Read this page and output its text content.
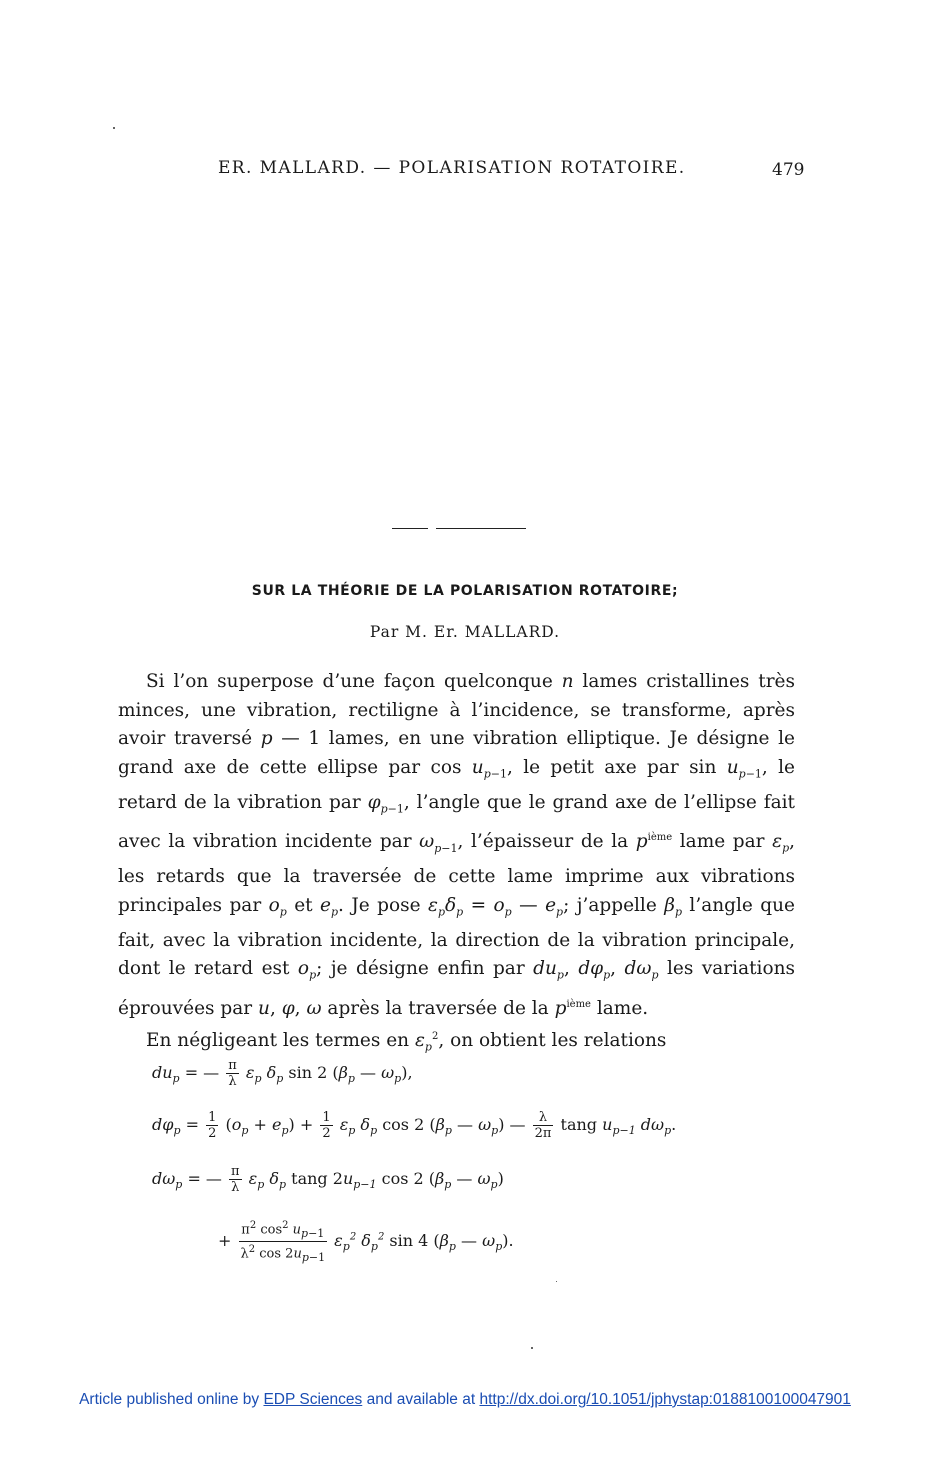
ER. MALLARD. — POLARISATION ROTATOIRE.	479
SUR LA THÉORIE DE LA POLARISATION ROTATOIRE;
Par M. Er. MALLARD.

Si l’on superpose d’une façon quelconque n lames cristallines très minces, une vibration, rectiligne à l’incidence, se transforme, après avoir traversé p — 1 lames, en une vibration elliptique. Je désigne le grand axe de cette ellipse par $\cos u_{p-1}$, le petit axe par $\sin u_{p-1}$, le retard de la vibration par $\varphi_{p-1}$, l’angle que le grand axe de l’ellipse fait avec la vibration incidente par $\omega_{p-1}$, l’épaisseur de la $p^{ième}$ lame par $\varepsilon_p$, les retards que la traversée de cette lame imprime aux vibrations principales par $o_p$ et $e_p$. Je pose $\varepsilon_p\delta_p = o_p$ — $e_p$; j’appelle $\beta_p$ l’angle que fait, avec la vibration incidente, la direction de la vibration principale, dont le retard est $o_p$; je désigne enfin par $du_p$, $d\varphi_p$, $d\omega_p$ les variations éprouvées par u, φ, ω après la traversée de la $p^{ième}$ lame.

En négligeant les termes en $\varepsilon_p^2$, on obtient les relations

$du_p$ = — $\frac{\pi}{\lambda} \varepsilon_p$ $\delta_p$ sin 2 ($\beta_p$ — $\omega_p$),
$d\varphi_p = \frac{1}{2} (o_p + e_p) + \frac{1}{2} \varepsilon_p$ $\delta_p$ cos 2 ($\beta_p$ — $\omega_p$) — $\frac{\lambda}{2\pi}$ tang $u_{p-1}$ $d\omega_p$.
$d\omega_p$ = — $\frac{\pi}{\lambda} \varepsilon_p$ $\delta_p$ tang $2u_{p-1}$ cos 2 ($\beta_p$ — $\omega_p$)
+ $\frac{\pi^2 \cos^2 u_{p-1}}{\lambda^2 \cos 2u_{p-1}} \varepsilon_p^2$ $\delta_p^2$ sin 4 ($\beta_p$ — $\omega_p$).
Article published online by EDP Sciences and available at http://dx.doi.org/10.1051/jphystap:0188100100047901
